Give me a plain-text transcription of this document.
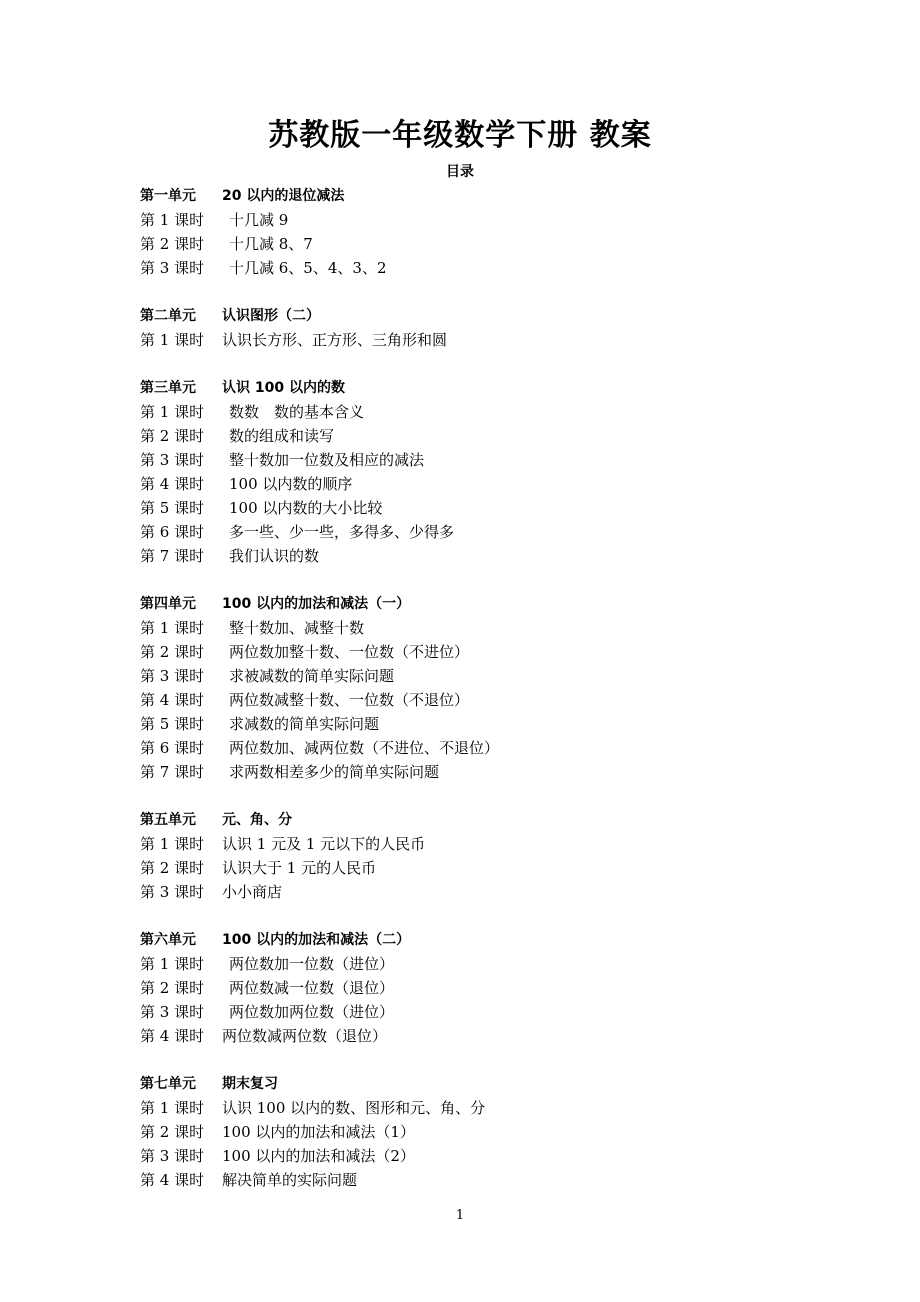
苏教版一年级数学下册 教案
目录
第一单元	20 以内的退位减法
第 1 课时	十几减 9
第 2 课时	十几减 8、7
第 3 课时	十几减 6、5、4、3、2
第二单元	认识图形（二）
第 1 课时	认识长方形、正方形、三角形和圆
第三单元	认识 100 以内的数
第 1 课时	数数　数的基本含义
第 2 课时	数的组成和读写
第 3 课时	整十数加一位数及相应的减法
第 4 课时	100 以内数的顺序
第 5 课时	100 以内数的大小比较
第 6 课时	多一些、少一些，多得多、少得多
第 7 课时	我们认识的数
第四单元	100 以内的加法和减法（一）
第 1 课时	整十数加、减整十数
第 2 课时	两位数加整十数、一位数（不进位）
第 3 课时	求被减数的简单实际问题
第 4 课时	两位数减整十数、一位数（不退位）
第 5 课时	求减数的简单实际问题
第 6 课时	两位数加、减两位数（不进位、不退位）
第 7 课时	求两数相差多少的简单实际问题
第五单元	元、角、分
第 1 课时	认识 1 元及 1 元以下的人民币
第 2 课时	认识大于 1 元的人民币
第 3 课时	小小商店
第六单元	100 以内的加法和减法（二）
第 1 课时	两位数加一位数（进位）
第 2 课时	两位数减一位数（退位）
第 3 课时	两位数加两位数（进位）
第 4 课时	两位数减两位数（退位）
第七单元	期末复习
第 1 课时	认识 100 以内的数、图形和元、角、分
第 2 课时	100 以内的加法和减法（1）
第 3 课时	100 以内的加法和减法（2）
第 4 课时	解决简单的实际问题
1
